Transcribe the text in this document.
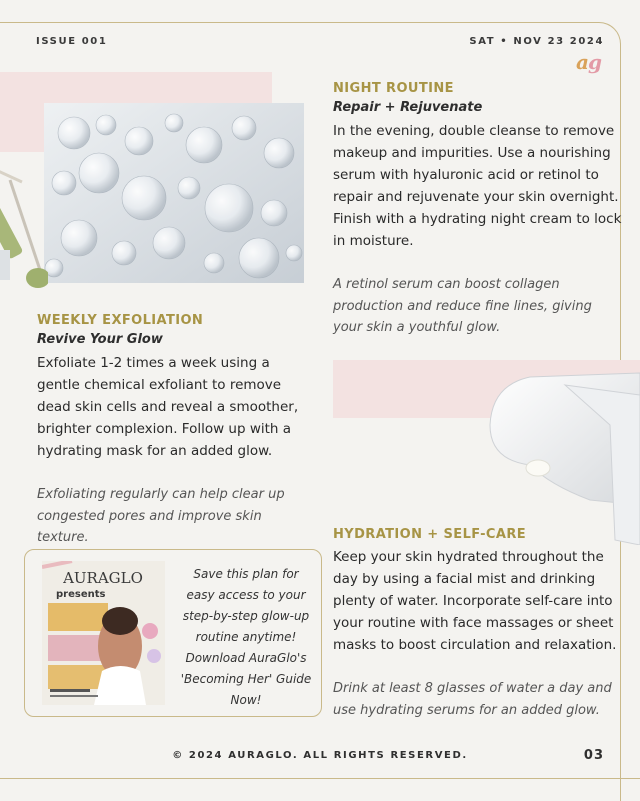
ISSUE 001	SAT • NOV 23 2024
ag
NIGHT ROUTINE
Repair + Rejuvenate
In the evening, double cleanse to remove makeup and impurities. Use a nourishing serum with hyaluronic acid or retinol to repair and rejuvenate your skin overnight. Finish with a hydrating night cream to lock in moisture.
A retinol serum can boost collagen production and reduce fine lines, giving your skin a youthful glow.
WEEKLY EXFOLIATION
Revive Your Glow
Exfoliate 1-2 times a week using a gentle chemical exfoliant to remove dead skin cells and reveal a smoother, brighter complexion. Follow up with a hydrating mask for an added glow.
Exfoliating regularly can help clear up congested pores and improve skin texture.	HYDRATION + SELF-CARE
Keep your skin hydrated throughout the day by using a facial mist and drinking plenty of water. Incorporate self-care into your routine with face massages or sheet masks to boost circulation and relaxation.
Drink at least 8 glasses of water a day and use hydrating serums for an added glow.
AURAGLO
presents
Save this plan for easy access to your step-by-step glow-up routine anytime! Download AuraGlo's 'Becoming Her' Guide Now!
© 2024 AURAGLO. ALL RIGHTS RESERVED.	03
